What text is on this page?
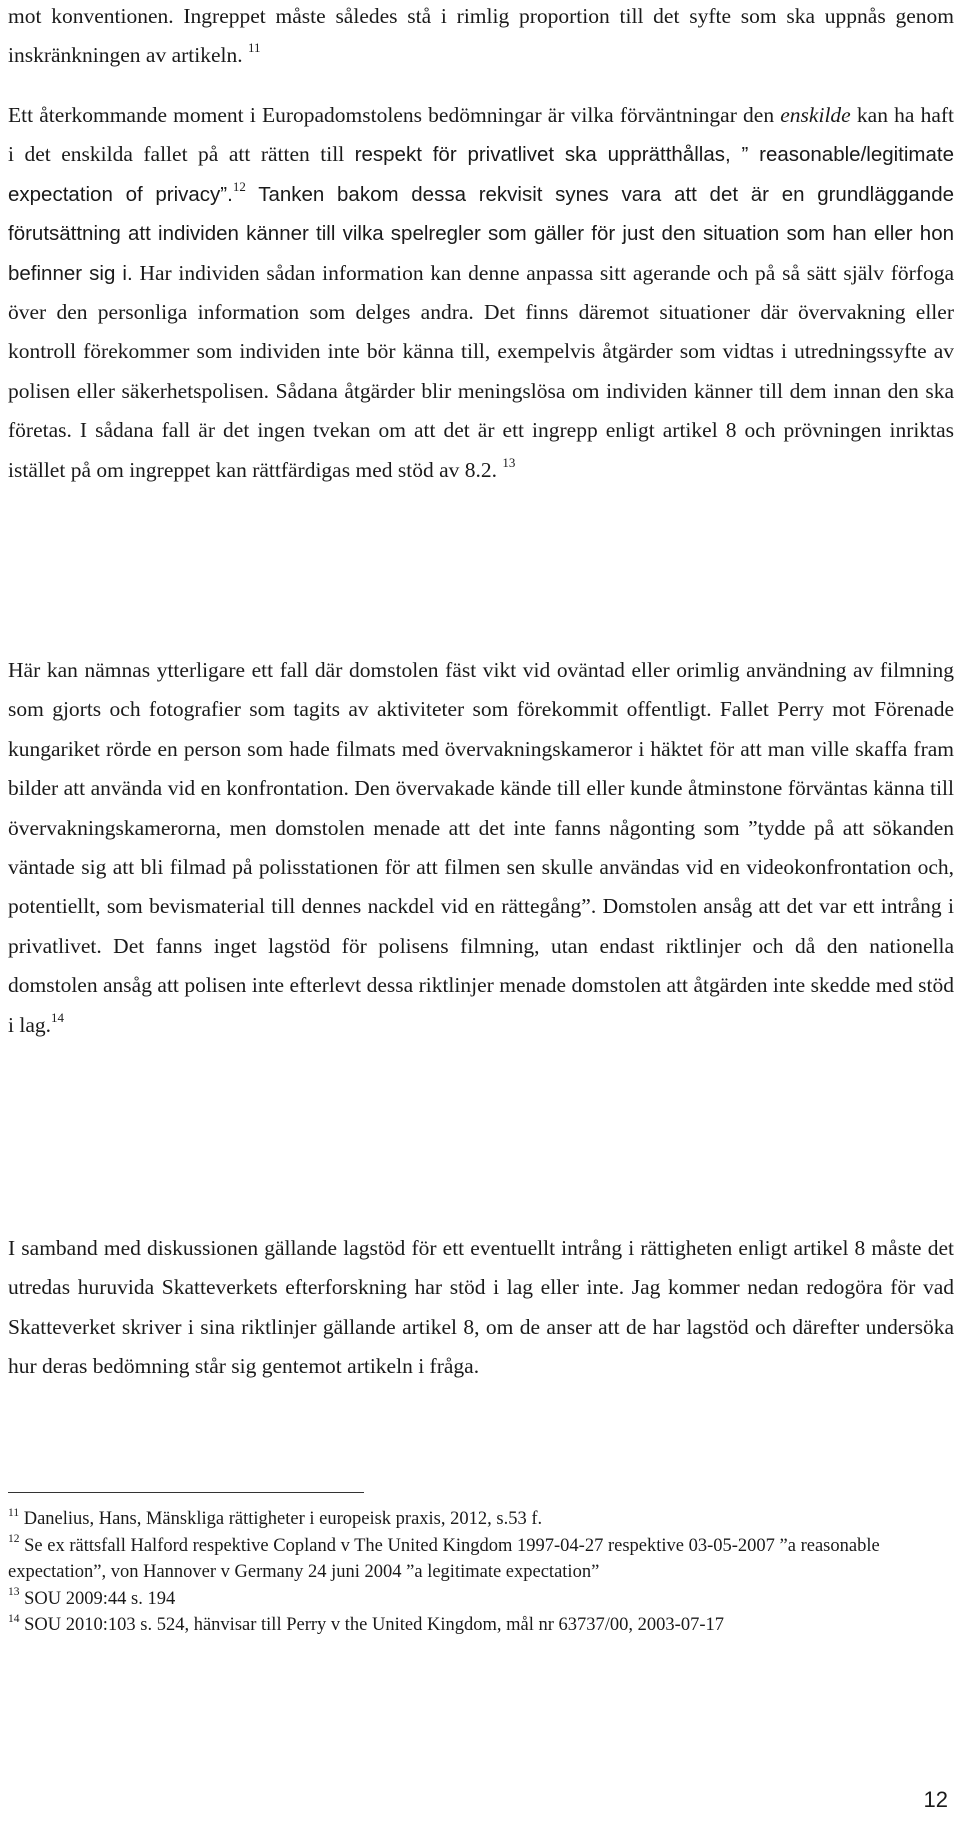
mot konventionen. Ingreppet måste således stå i rimlig proportion till det syfte som ska uppnås genom inskränkningen av artikeln. $^{11}$

Ett återkommande moment i Europadomstolens bedömningar är vilka förväntningar den enskilde kan ha haft i det enskilda fallet på att rätten till respekt för privatlivet ska upprätthållas, ” reasonable/legitimate expectation of privacy”.$^{12}$ Tanken bakom dessa rekvisit synes vara att det är en grundläggande förutsättning att individen känner till vilka spelregler som gäller för just den situation som han eller hon befinner sig i. Har individen sådan information kan denne anpassa sitt agerande och på så sätt själv förfoga över den personliga information som delges andra. Det finns däremot situationer där övervakning eller kontroll förekommer som individen inte bör känna till, exempelvis åtgärder som vidtas i utredningssyfte av polisen eller säkerhetspolisen. Sådana åtgärder blir meningslösa om individen känner till dem innan den ska företas. I sådana fall är det ingen tvekan om att det är ett ingrepp enligt artikel 8 och prövningen inriktas istället på om ingreppet kan rättfärdigas med stöd av 8.2. $^{13}$

Här kan nämnas ytterligare ett fall där domstolen fäst vikt vid oväntad eller orimlig användning av filmning som gjorts och fotografier som tagits av aktiviteter som förekommit offentligt. Fallet Perry mot Förenade kungariket rörde en person som hade filmats med övervakningskameror i häktet för att man ville skaffa fram bilder att använda vid en konfrontation. Den övervakade kände till eller kunde åtminstone förväntas känna till övervakningskamerorna, men domstolen menade att det inte fanns någonting som ”tydde på att sökanden väntade sig att bli filmad på polisstationen för att filmen sen skulle användas vid en videokonfrontation och, potentiellt, som bevismaterial till dennes nackdel vid en rättegång”. Domstolen ansåg att det var ett intrång i privatlivet. Det fanns inget lagstöd för polisens filmning, utan endast riktlinjer och då den nationella domstolen ansåg att polisen inte efterlevt dessa riktlinjer menade domstolen att åtgärden inte skedde med stöd i lag.$^{14}$

I samband med diskussionen gällande lagstöd för ett eventuellt intrång i rättigheten enligt artikel 8 måste det utredas huruvida Skatteverkets efterforskning har stöd i lag eller inte. Jag kommer nedan redogöra för vad Skatteverket skriver i sina riktlinjer gällande artikel 8, om de anser att de har lagstöd och därefter undersöka hur deras bedömning står sig gentemot artikeln i fråga.

$^{11}$ Danelius, Hans, Mänskliga rättigheter i europeisk praxis, 2012, s.53 f.

$^{12}$ Se ex rättsfall Halford respektive Copland v The United Kingdom 1997-04-27 respektive 03-05-2007 ”a reasonable expectation”, von Hannover v Germany 24 juni 2004 ”a legitimate expectation”

$^{13}$ SOU 2009:44 s. 194

$^{14}$ SOU 2010:103 s. 524, hänvisar till Perry v the United Kingdom, mål nr 63737/00, 2003-07-17

12
